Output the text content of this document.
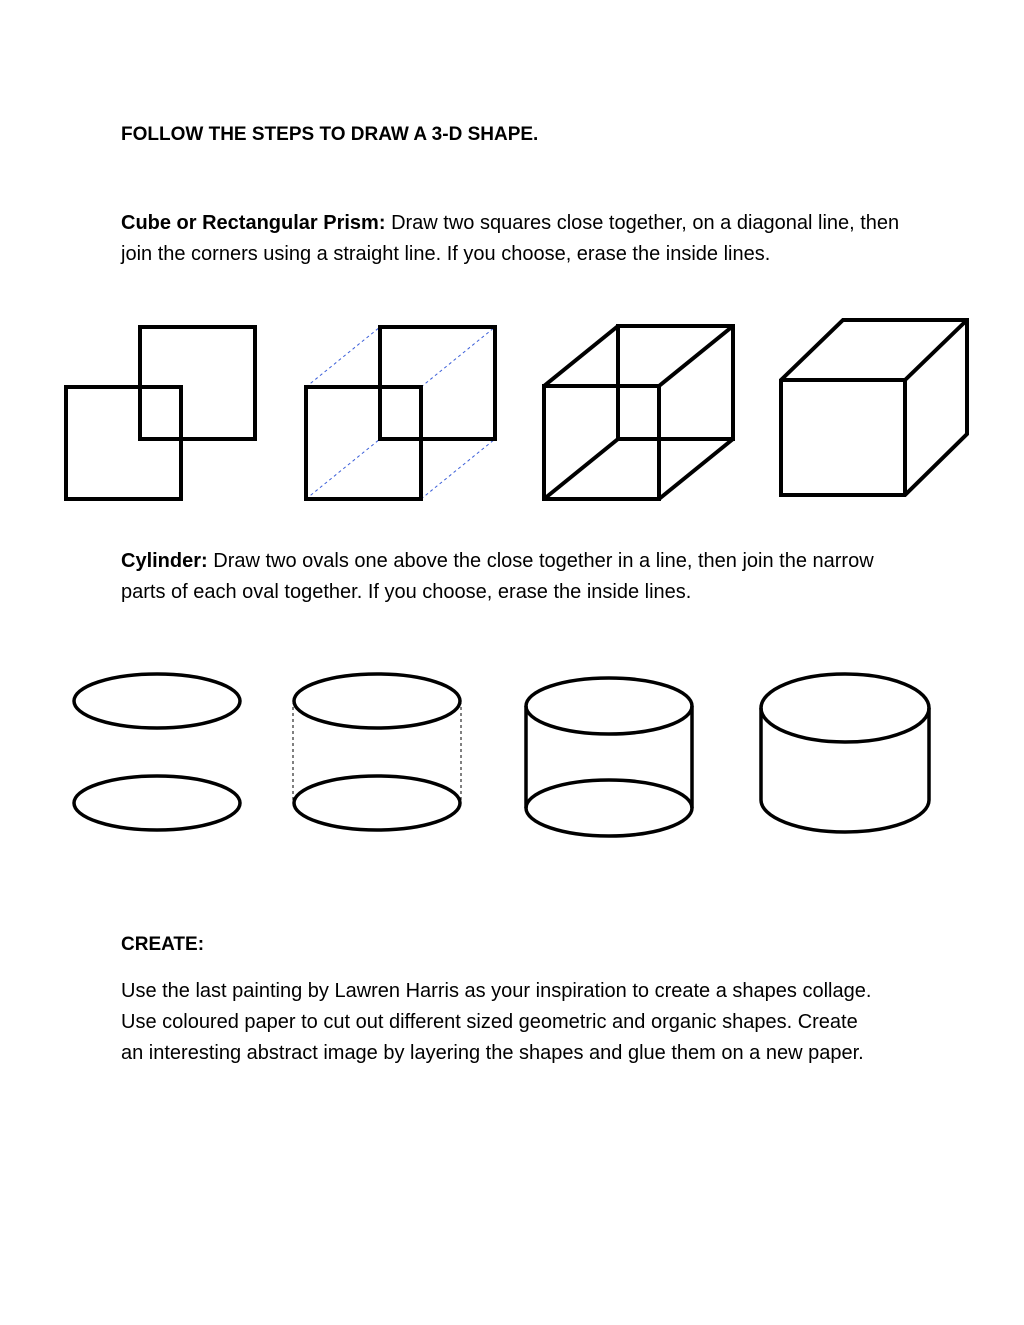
FOLLOW THE STEPS TO DRAW A 3-D SHAPE.

Cube or Rectangular Prism: Draw two squares close together, on a diagonal line, then join the corners using a straight line. If you choose, erase the inside lines.

Cylinder: Draw two ovals one above the close together in a line, then join the narrow parts of each oval together. If you choose, erase the inside lines.

CREATE:

Use the last painting by Lawren Harris as your inspiration to create a shapes collage. Use coloured paper to cut out different sized geometric and organic shapes. Create an interesting abstract image by layering the shapes and glue them on a new paper.
